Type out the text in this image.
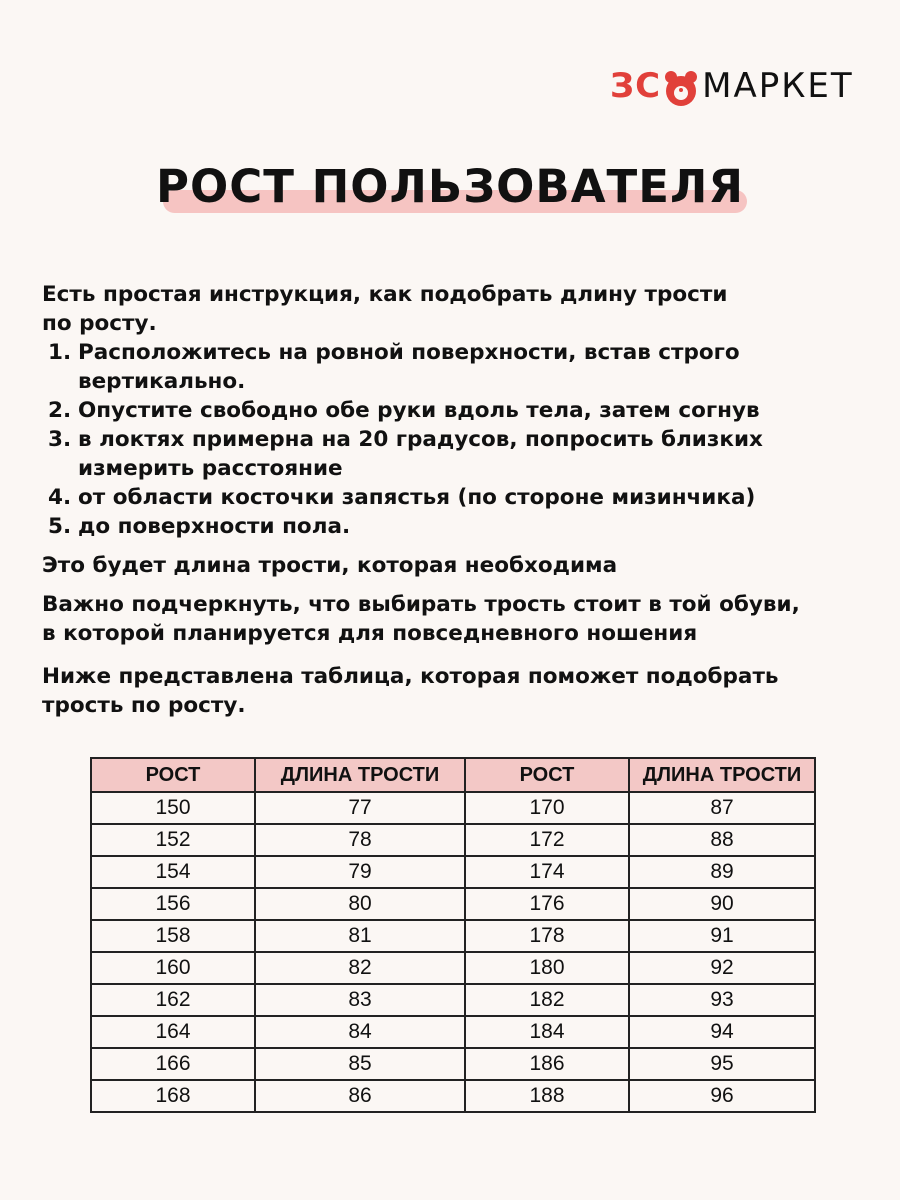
ЗС МАРКЕТ
РОСТ ПОЛЬЗОВАТЕЛЯ

Есть простая инструкция, как подобрать длину трости

по росту.

1. Расположитесь на ровной поверхности, встав строго
вертикально.
2. Опустите свободно обе руки вдоль тела, затем согнув
3. в локтях примерна на 20 градусов, попросить близких
измерить расстояние
4. от области косточки запястья (по стороне мизинчика)
5. до поверхности пола.

Это будет длина трости, которая необходима

Важно подчеркнуть, что выбирать трость стоит в той обуви,

в которой планируется для повседневного ношения

Ниже представлена таблица, которая поможет подобрать

трость по росту.

РОСТ	ДЛИНА ТРОСТИ	РОСТ	ДЛИНА ТРОСТИ
150	77	170	87
152	78	172	88
154	79	174	89
156	80	176	90
158	81	178	91
160	82	180	92
162	83	182	93
164	84	184	94
166	85	186	95
168	86	188	96
